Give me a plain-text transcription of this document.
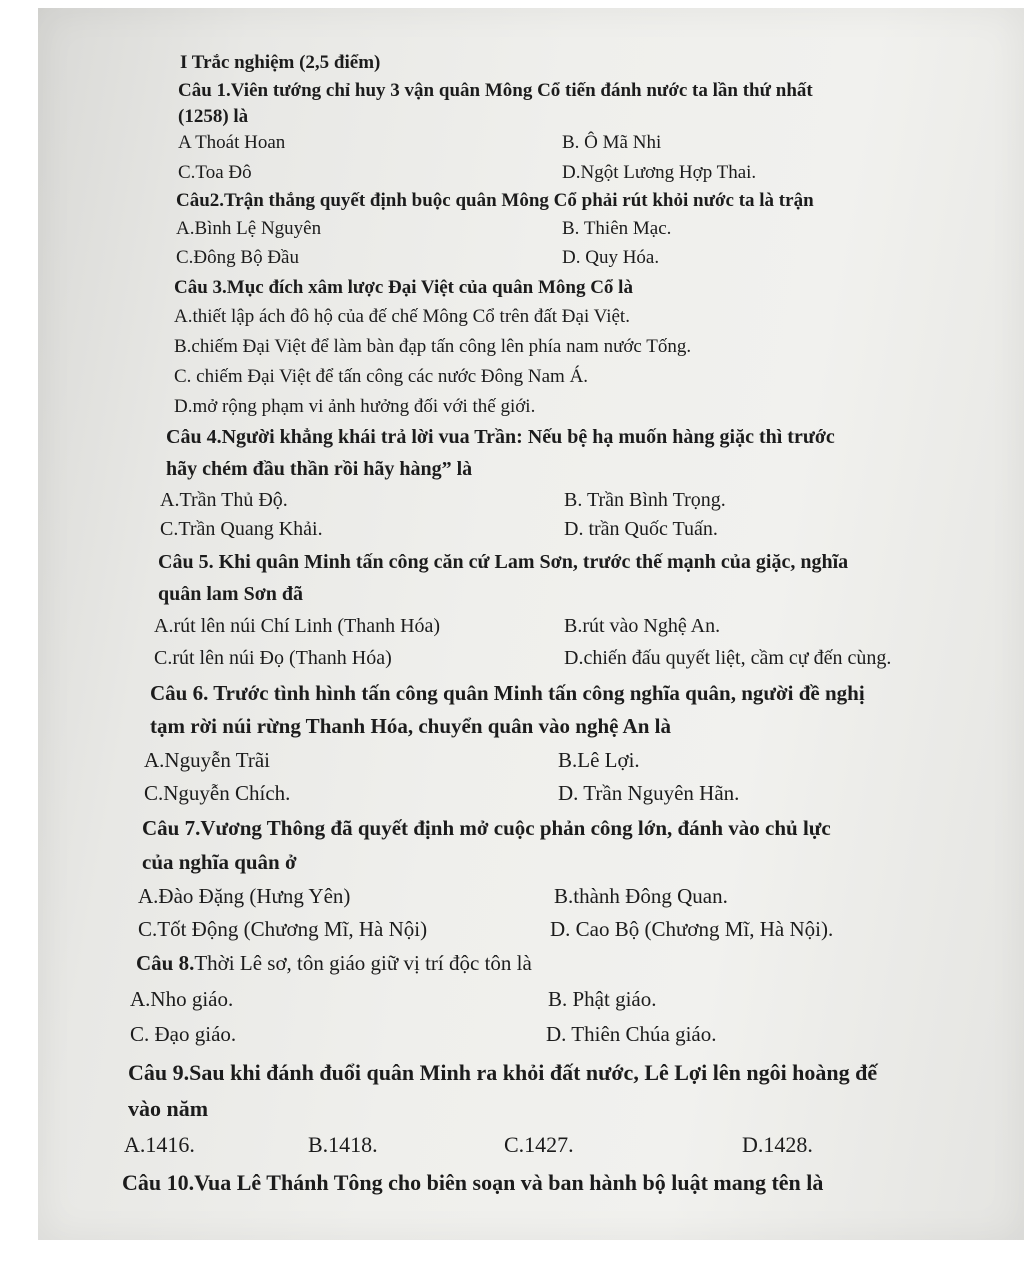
I Trắc nghiệm (2,5 điểm)
Câu 1.Viên tướng chỉ huy 3 vận quân Mông Cổ tiến đánh nước ta lần thứ nhất
(1258) là
A Thoát Hoan	B. Ô Mã Nhi
C.Toa Đô	D.Ngột Lương Hợp Thai.
Câu2.Trận thắng quyết định buộc quân Mông Cổ phải rút khỏi nước ta là trận
A.Bình Lệ Nguyên	B. Thiên Mạc.
C.Đông Bộ Đầu	D. Quy Hóa.
Câu 3.Mục đích xâm lược Đại Việt của quân Mông Cổ là
A.thiết lập ách đô hộ của đế chế Mông Cổ trên đất Đại Việt.
B.chiếm Đại Việt để làm bàn đạp tấn công lên phía nam nước Tống.
C. chiếm Đại Việt để tấn công các nước Đông Nam Á.
D.mở rộng phạm vi ảnh hưởng đối với thế giới.
Câu 4.Người khẳng khái trả lời vua Trần: Nếu bệ hạ muốn hàng giặc thì trước
hãy chém đầu thần rồi hãy hàng” là
A.Trần Thủ Độ.	B. Trần Bình Trọng.
C.Trần Quang Khải.	D. trần Quốc Tuấn.
Câu 5. Khi quân Minh tấn công căn cứ Lam Sơn, trước thế mạnh của giặc, nghĩa
quân lam Sơn đã
A.rút lên núi Chí Linh (Thanh Hóa)	B.rút vào Nghệ An.
C.rút lên núi Đọ (Thanh Hóa)	D.chiến đấu quyết liệt, cầm cự đến cùng.
Câu 6. Trước tình hình tấn công quân Minh tấn công nghĩa quân, người đề nghị
tạm rời núi rừng Thanh Hóa, chuyển quân vào nghệ An là
A.Nguyễn Trãi	B.Lê Lợi.
C.Nguyễn Chích.	D. Trần Nguyên Hãn.
Câu 7.Vương Thông đã quyết định mở cuộc phản công lớn, đánh vào chủ lực
của nghĩa quân ở
A.Đào Đặng (Hưng Yên)	B.thành Đông Quan.
C.Tốt Động (Chương Mĩ, Hà Nội)	D. Cao Bộ (Chương Mĩ, Hà Nội).
Câu 8.Thời Lê sơ, tôn giáo giữ vị trí độc tôn là
A.Nho giáo.	B. Phật giáo.
C. Đạo giáo.	D. Thiên Chúa giáo.
Câu 9.Sau khi đánh đuổi quân Minh ra khỏi đất nước, Lê Lợi lên ngôi hoàng đế
vào năm
A.1416.	B.1418.	C.1427.	D.1428.
Câu 10.Vua Lê Thánh Tông cho biên soạn và ban hành bộ luật mang tên là
